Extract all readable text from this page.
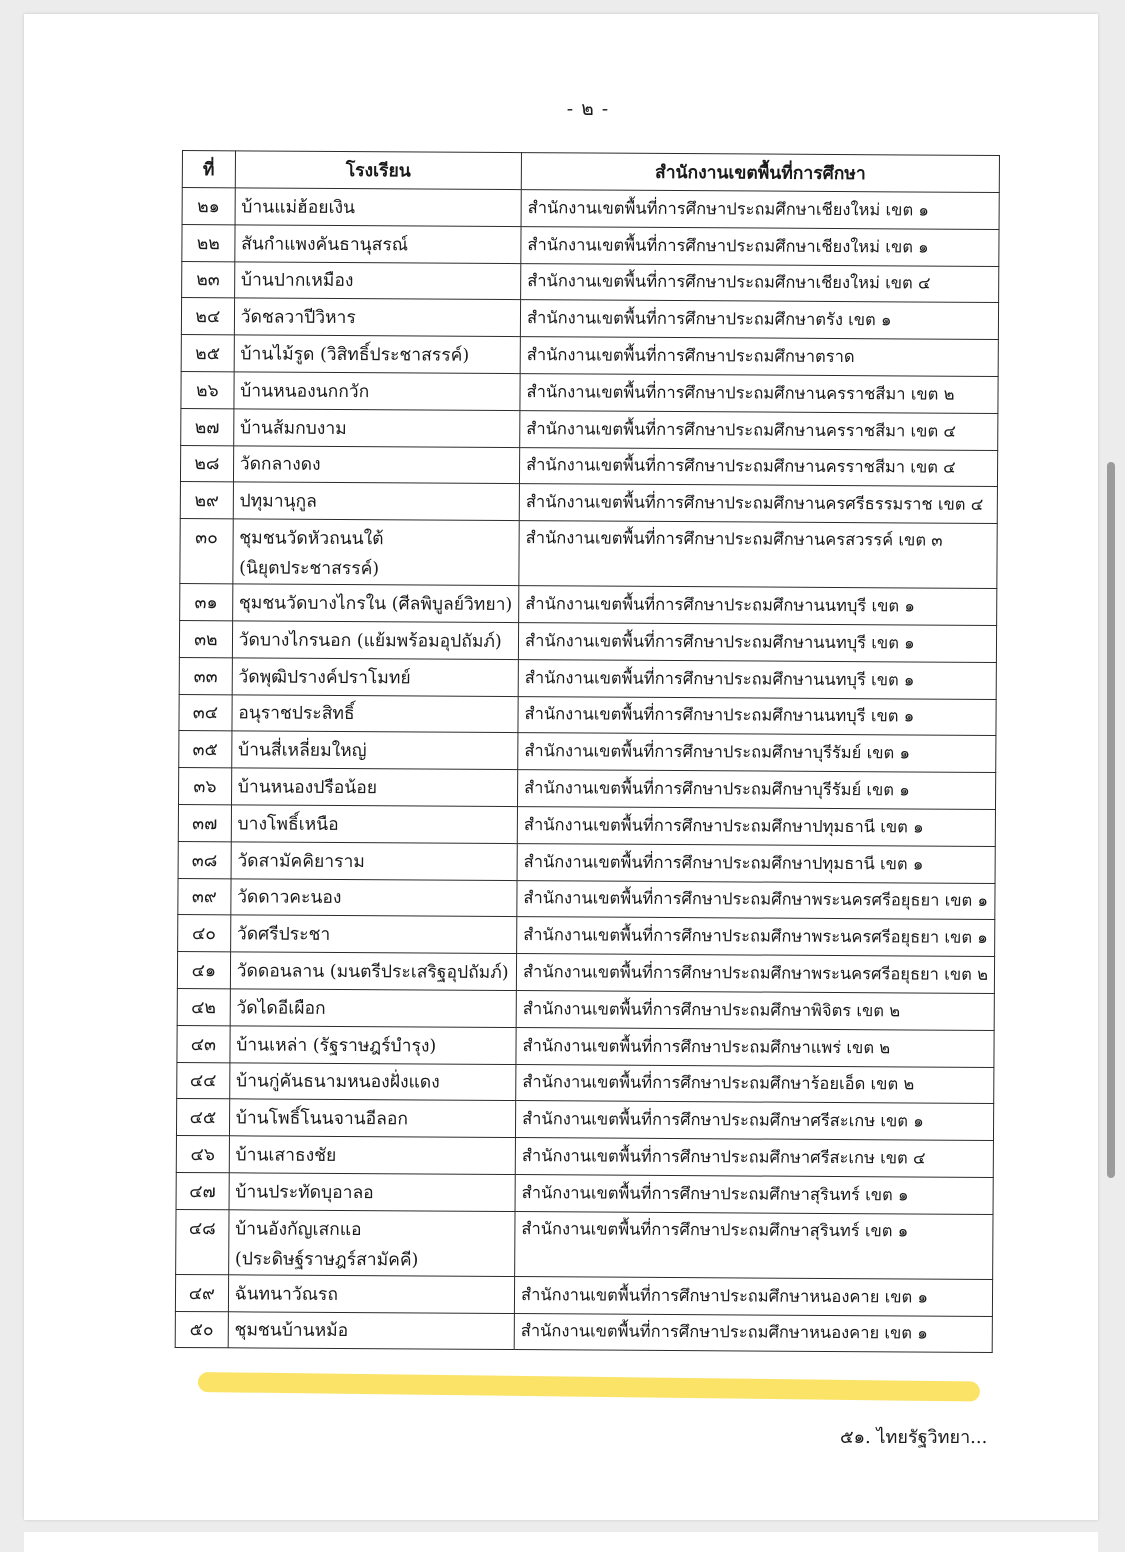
- ๒ -
ที่	โรงเรียน	สำนักงานเขตพื้นที่การศึกษา
๒๑	บ้านแม่ฮ้อยเงิน	สำนักงานเขตพื้นที่การศึกษาประถมศึกษาเชียงใหม่ เขต ๑
๒๒	สันกำแพงคันธานุสรณ์	สำนักงานเขตพื้นที่การศึกษาประถมศึกษาเชียงใหม่ เขต ๑
๒๓	บ้านปากเหมือง	สำนักงานเขตพื้นที่การศึกษาประถมศึกษาเชียงใหม่ เขต ๔
๒๔	วัดชลวาปีวิหาร	สำนักงานเขตพื้นที่การศึกษาประถมศึกษาตรัง เขต ๑
๒๕	บ้านไม้รูด (วิสิทธิ์ประชาสรรค์)	สำนักงานเขตพื้นที่การศึกษาประถมศึกษาตราด
๒๖	บ้านหนองนกกวัก	สำนักงานเขตพื้นที่การศึกษาประถมศึกษานครราชสีมา เขต ๒
๒๗	บ้านส้มกบงาม	สำนักงานเขตพื้นที่การศึกษาประถมศึกษานครราชสีมา เขต ๔
๒๘	วัดกลางดง	สำนักงานเขตพื้นที่การศึกษาประถมศึกษานครราชสีมา เขต ๔
๒๙	ปทุมานุกูล	สำนักงานเขตพื้นที่การศึกษาประถมศึกษานครศรีธรรมราช เขต ๔
๓๐	ชุมชนวัดหัวถนนใต้
(นิยุตประชาสรรค์)	สำนักงานเขตพื้นที่การศึกษาประถมศึกษานครสวรรค์ เขต ๓
๓๑	ชุมชนวัดบางไกรใน (ศีลพิบูลย์วิทยา)	สำนักงานเขตพื้นที่การศึกษาประถมศึกษานนทบุรี เขต ๑
๓๒	วัดบางไกรนอก (แย้มพร้อมอุปถัมภ์)	สำนักงานเขตพื้นที่การศึกษาประถมศึกษานนทบุรี เขต ๑
๓๓	วัดพุฒิปรางค์ปราโมทย์	สำนักงานเขตพื้นที่การศึกษาประถมศึกษานนทบุรี เขต ๑
๓๔	อนุราชประสิทธิ์	สำนักงานเขตพื้นที่การศึกษาประถมศึกษานนทบุรี เขต ๑
๓๕	บ้านสี่เหลี่ยมใหญ่	สำนักงานเขตพื้นที่การศึกษาประถมศึกษาบุรีรัมย์ เขต ๑
๓๖	บ้านหนองปรือน้อย	สำนักงานเขตพื้นที่การศึกษาประถมศึกษาบุรีรัมย์ เขต ๑
๓๗	บางโพธิ์เหนือ	สำนักงานเขตพื้นที่การศึกษาประถมศึกษาปทุมธานี เขต ๑
๓๘	วัดสามัคคิยาราม	สำนักงานเขตพื้นที่การศึกษาประถมศึกษาปทุมธานี เขต ๑
๓๙	วัดดาวคะนอง	สำนักงานเขตพื้นที่การศึกษาประถมศึกษาพระนครศรีอยุธยา เขต ๑
๔๐	วัดศรีประชา	สำนักงานเขตพื้นที่การศึกษาประถมศึกษาพระนครศรีอยุธยา เขต ๑
๔๑	วัดดอนลาน (มนตรีประเสริฐอุปถัมภ์)	สำนักงานเขตพื้นที่การศึกษาประถมศึกษาพระนครศรีอยุธยา เขต ๒
๔๒	วัดไดอีเผือก	สำนักงานเขตพื้นที่การศึกษาประถมศึกษาพิจิตร เขต ๒
๔๓	บ้านเหล่า (รัฐราษฎร์บำรุง)	สำนักงานเขตพื้นที่การศึกษาประถมศึกษาแพร่ เขต ๒
๔๔	บ้านกู่คันธนามหนองฝั่งแดง	สำนักงานเขตพื้นที่การศึกษาประถมศึกษาร้อยเอ็ด เขต ๒
๔๕	บ้านโพธิ์โนนจานอีลอก	สำนักงานเขตพื้นที่การศึกษาประถมศึกษาศรีสะเกษ เขต ๑
๔๖	บ้านเสาธงชัย	สำนักงานเขตพื้นที่การศึกษาประถมศึกษาศรีสะเกษ เขต ๔
๔๗	บ้านประทัดบุอาลอ	สำนักงานเขตพื้นที่การศึกษาประถมศึกษาสุรินทร์ เขต ๑
๔๘	บ้านอังกัญเสกแอ
(ประดิษฐ์ราษฎร์สามัคคี)	สำนักงานเขตพื้นที่การศึกษาประถมศึกษาสุรินทร์ เขต ๑
๔๙	ฉันทนาวัณรถ	สำนักงานเขตพื้นที่การศึกษาประถมศึกษาหนองคาย เขต ๑
๕๐	ชุมชนบ้านหม้อ	สำนักงานเขตพื้นที่การศึกษาประถมศึกษาหนองคาย เขต ๑
๕๑. ไทยรัฐวิทยา...
